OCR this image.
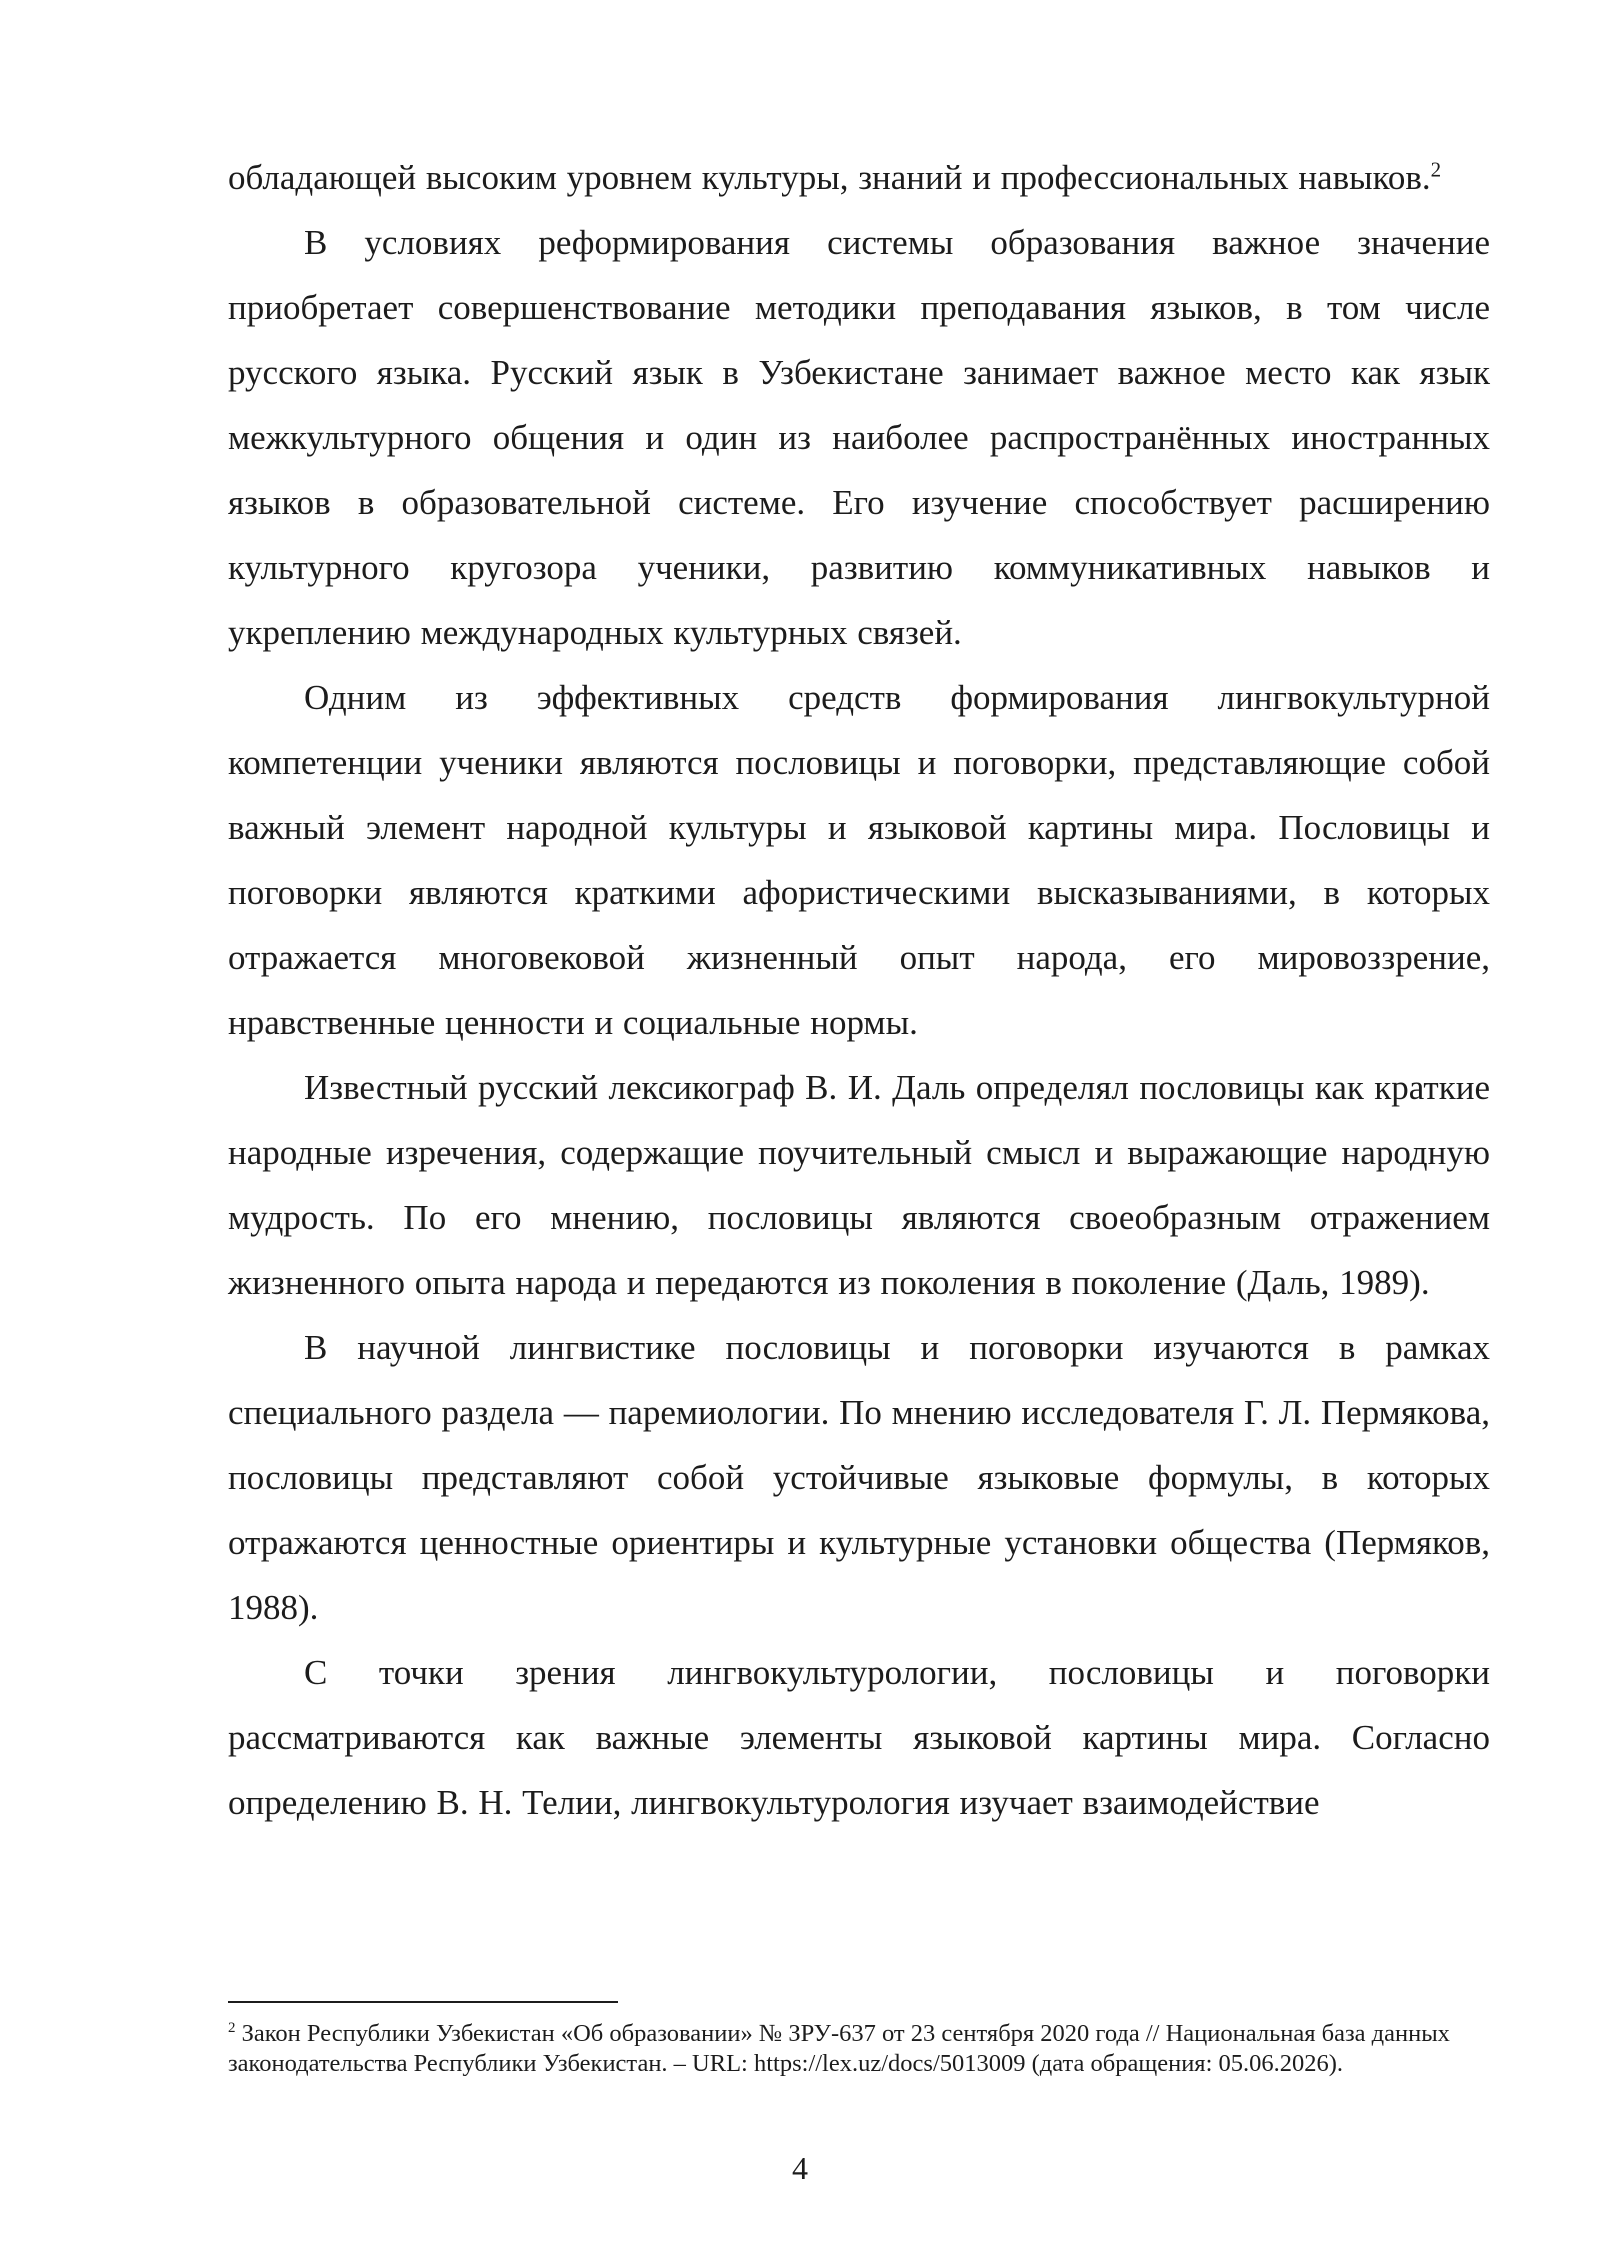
обладающей высоким уровнем культуры, знаний и профессиональных навыков.$^2$

В условиях реформирования системы образования важное значение приобретает совершенствование методики преподавания языков, в том числе русского языка. Русский язык в Узбекистане занимает важное место как язык межкультурного общения и один из наиболее распространённых иностранных языков в образовательной системе. Его изучение способствует расширению культурного кругозора ученики, развитию коммуникативных навыков и укреплению международных культурных связей.

Одним из эффективных средств формирования лингвокультурной компетенции ученики являются пословицы и поговорки, представляющие собой важный элемент народной культуры и языковой картины мира. Пословицы и поговорки являются краткими афористическими высказываниями, в которых отражается многовековой жизненный опыт народа, его мировоззрение, нравственные ценности и социальные нормы.

Известный русский лексикограф В. И. Даль определял пословицы как краткие народные изречения, содержащие поучительный смысл и выражающие народную мудрость. По его мнению, пословицы являются своеобразным отражением жизненного опыта народа и передаются из поколения в поколение (Даль, 1989).

В научной лингвистике пословицы и поговорки изучаются в рамках специального раздела — паремиологии. По мнению исследователя Г. Л. Пермякова, пословицы представляют собой устойчивые языковые формулы, в которых отражаются ценностные ориентиры и культурные установки общества (Пермяков, 1988).

С точки зрения лингвокультурологии, пословицы и поговорки рассматриваются как важные элементы языковой картины мира. Согласно определению В. Н. Телии, лингвокультурология изучает взаимодействие

$^2$ Закон Республики Узбекистан «Об образовании» № ЗРУ-637 от 23 сентября 2020 года // Национальная база данных законодательства Республики Узбекистан. – URL: https://lex.uz/docs/5013009 (дата обращения: 05.06.2026).

4
